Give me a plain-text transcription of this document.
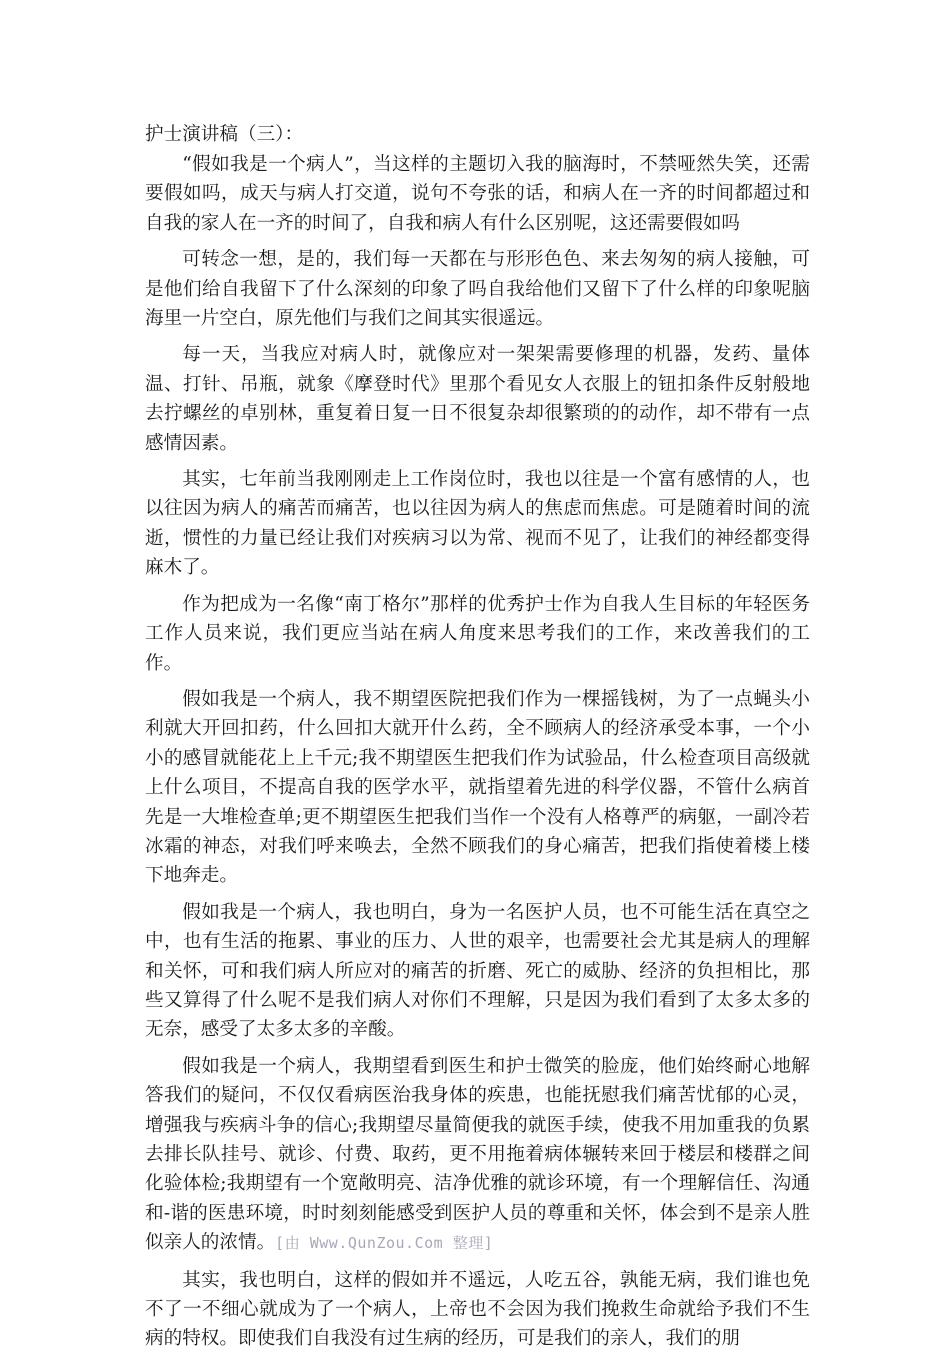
护士演讲稿（三）：

“假如我是一个病人”，当这样的主题切入我的脑海时，不禁哑然失笑，还需要假如吗，成天与病人打交道，说句不夸张的话，和病人在一齐的时间都超过和自我的家人在一齐的时间了，自我和病人有什么区别呢，这还需要假如吗

可转念一想，是的，我们每一天都在与形形色色、来去匆匆的病人接触，可是他们给自我留下了什么深刻的印象了吗自我给他们又留下了什么样的印象呢脑海里一片空白，原先他们与我们之间其实很遥远。

每一天，当我应对病人时，就像应对一架架需要修理的机器，发药、量体温、打针、吊瓶，就象《摩登时代》里那个看见女人衣服上的钮扣条件反射般地去拧螺丝的卓别林，重复着日复一日不很复杂却很繁琐的的动作，却不带有一点感情因素。

其实，七年前当我刚刚走上工作岗位时，我也以往是一个富有感情的人，也以往因为病人的痛苦而痛苦，也以往因为病人的焦虑而焦虑。可是随着时间的流逝，惯性的力量已经让我们对疾病习以为常、视而不见了，让我们的神经都变得麻木了。

作为把成为一名像“南丁格尔”那样的优秀护士作为自我人生目标的年轻医务工作人员来说，我们更应当站在病人角度来思考我们的工作，来改善我们的工作。

假如我是一个病人，我不期望医院把我们作为一棵摇钱树，为了一点蝇头小利就大开回扣药，什么回扣大就开什么药，全不顾病人的经济承受本事，一个小小的感冒就能花上上千元;我不期望医生把我们作为试验品，什么检查项目高级就上什么项目，不提高自我的医学水平，就指望着先进的科学仪器，不管什么病首先是一大堆检查单;更不期望医生把我们当作一个没有人格尊严的病躯，一副冷若冰霜的神态，对我们呼来唤去，全然不顾我们的身心痛苦，把我们指使着楼上楼下地奔走。

假如我是一个病人，我也明白，身为一名医护人员，也不可能生活在真空之中，也有生活的拖累、事业的压力、人世的艰辛，也需要社会尤其是病人的理解和关怀，可和我们病人所应对的痛苦的折磨、死亡的威胁、经济的负担相比，那些又算得了什么呢不是我们病人对你们不理解，只是因为我们看到了太多太多的无奈，感受了太多太多的辛酸。

假如我是一个病人，我期望看到医生和护士微笑的脸庞，他们始终耐心地解答我们的疑问，不仅仅看病医治我身体的疾患，也能抚慰我们痛苦忧郁的心灵，增强我与疾病斗争的信心;我期望尽量简便我的就医手续，使我不用加重我的负累去排长队挂号、就诊、付费、取药，更不用拖着病体辗转来回于楼层和楼群之间化验体检;我期望有一个宽敞明亮、洁净优雅的就诊环境，有一个理解信任、沟通和-谐的医患环境，时时刻刻能感受到医护人员的尊重和关怀，体会到不是亲人胜似亲人的浓情。[由 Www.QunZou.Com 整理]

其实，我也明白，这样的假如并不遥远，人吃五谷，孰能无病，我们谁也免不了一不细心就成为了一个病人，上帝也不会因为我们挽救生命就给予我们不生病的特权。即使我们自我没有过生病的经历，可是我们的亲人，我们的朋
